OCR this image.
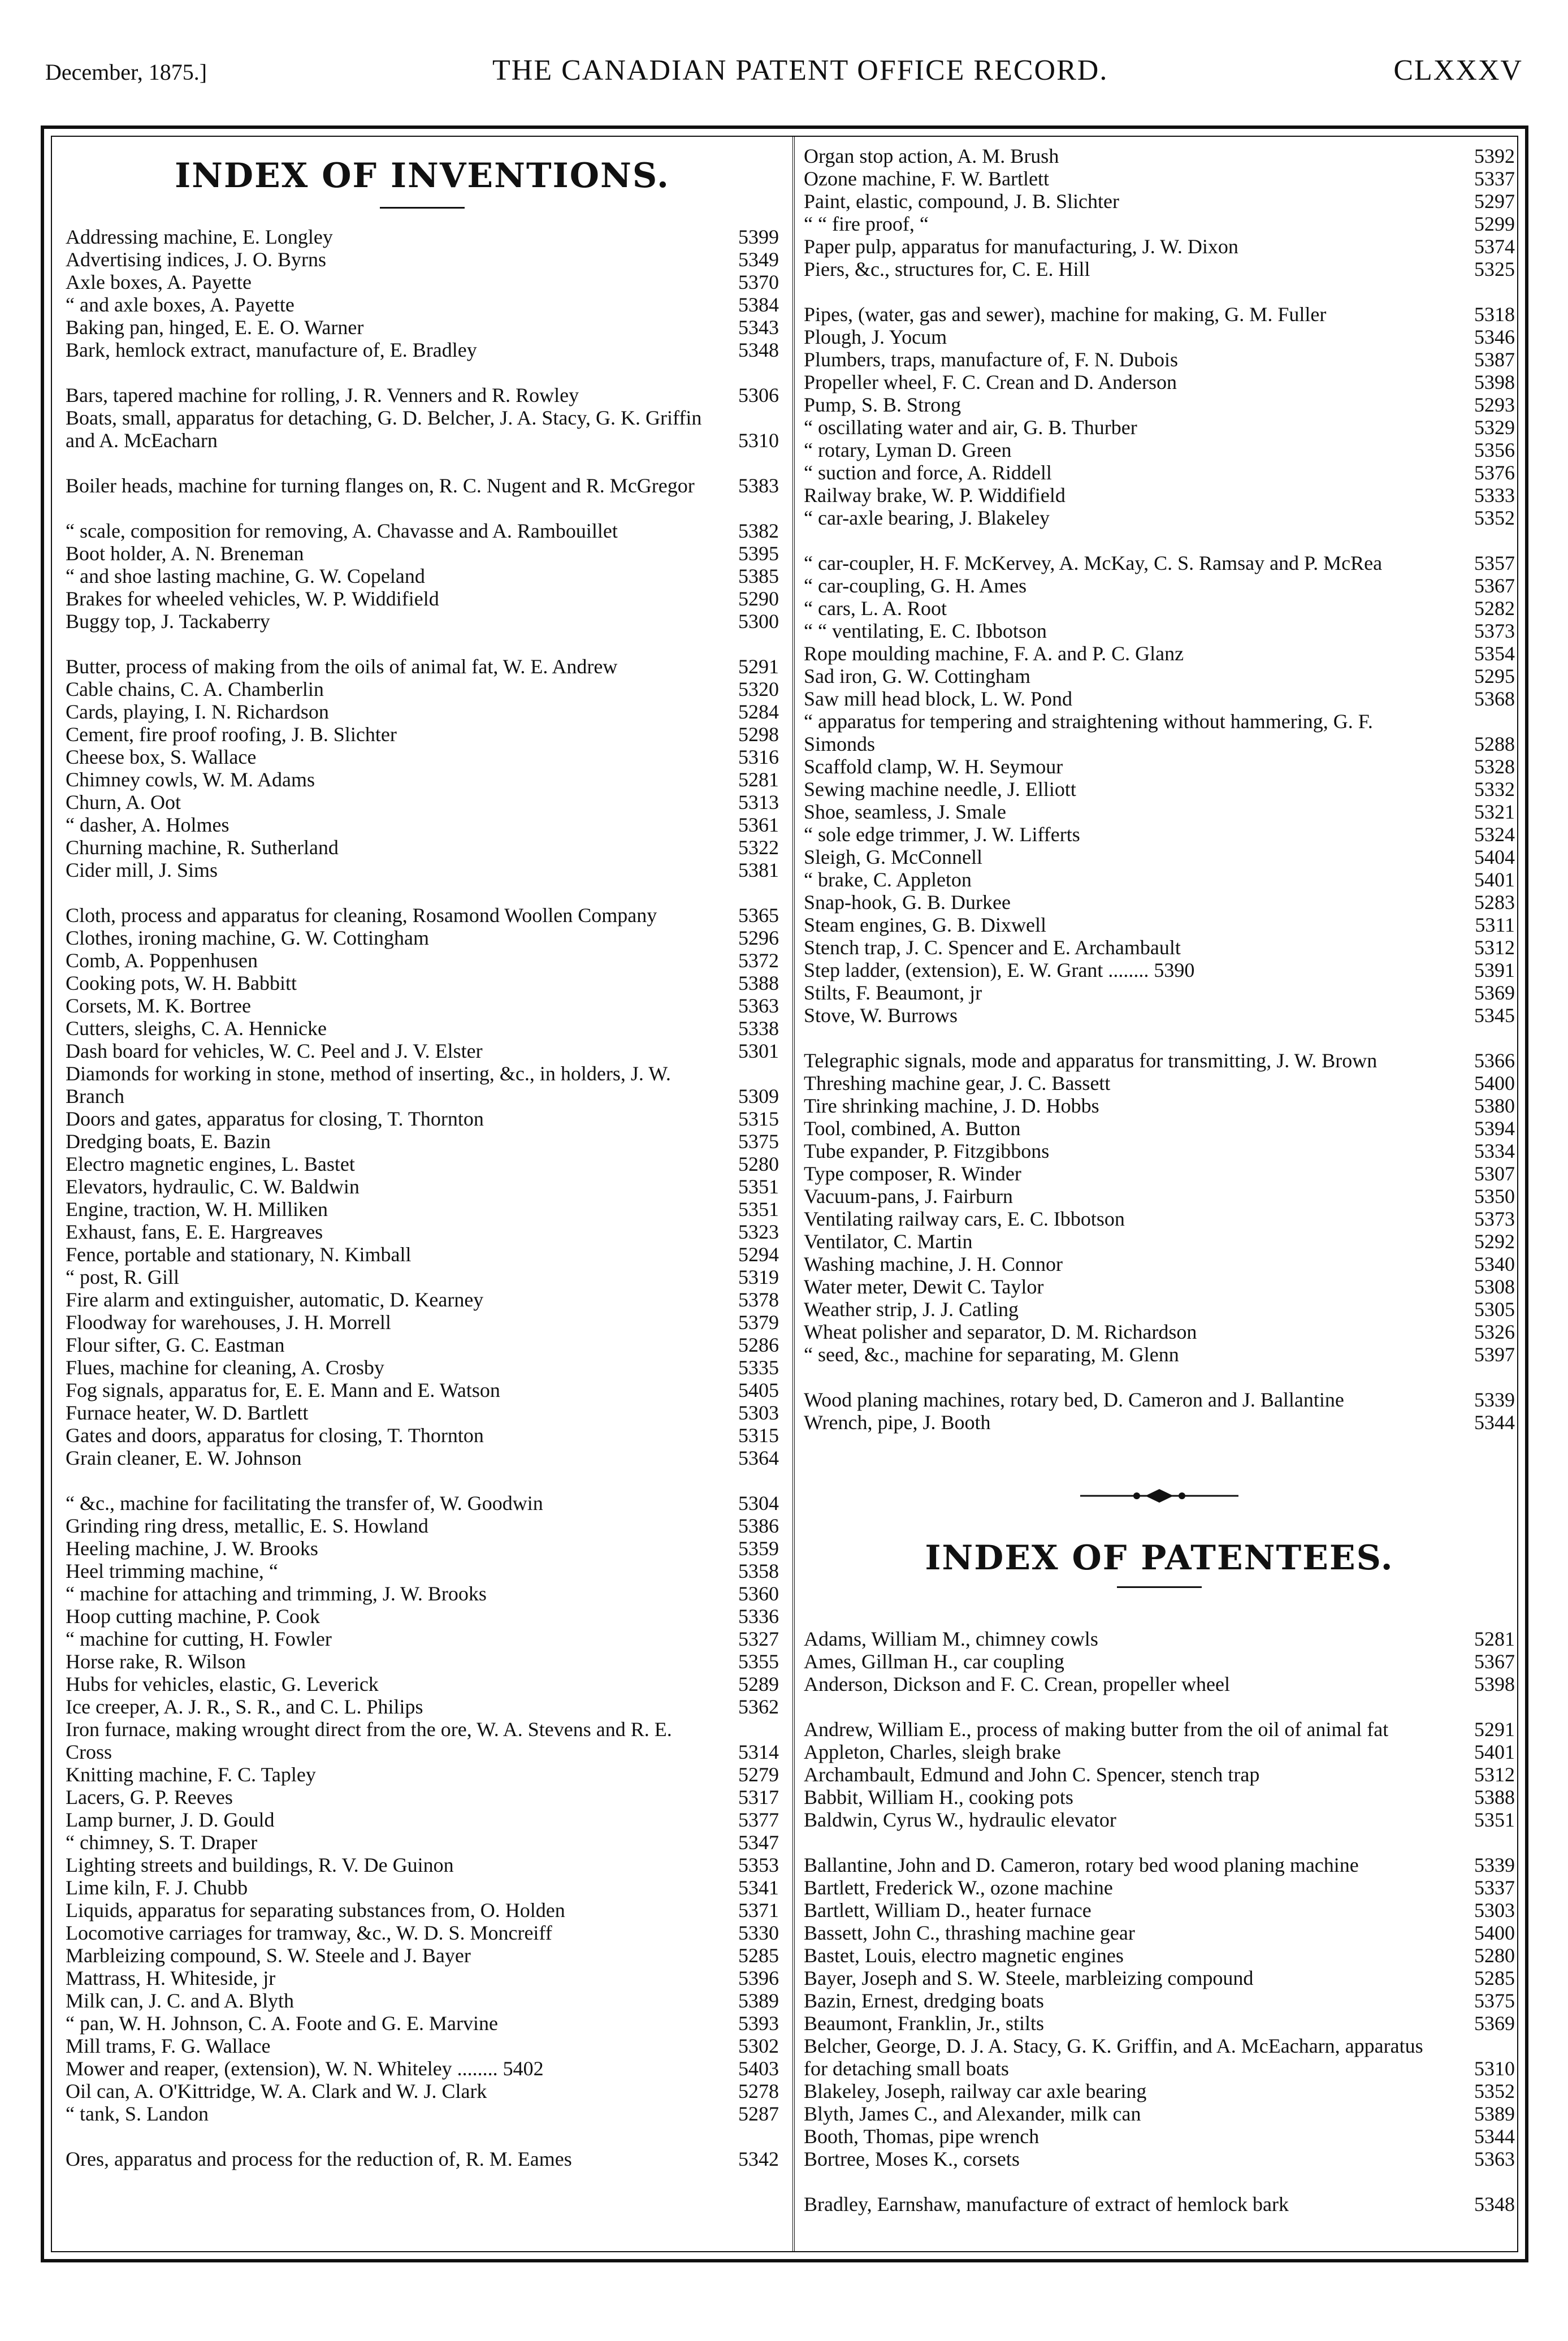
December, 1875.]	THE CANADIAN PATENT OFFICE RECORD.	CLXXXV
INDEX OF INVENTIONS.
Addressing machine, E. Longley	5399
Advertising indices, J. O. Byrns	5349
Axle boxes, A. Payette	5370
“ and axle boxes, A. Payette	5384
Baking pan, hinged, E. E. O. Warner	5343
Bark, hemlock extract, manufacture of, E. Bradley	5348
Bars, tapered machine for rolling, J. R. Venners and R. Rowley	5306
Boats, small, apparatus for detaching, G. D. Belcher, J. A. Stacy, G. K. Griffin and A. McEacharn	5310
Boiler heads, machine for turning flanges on, R. C. Nugent and R. McGregor	5383
“ scale, composition for removing, A. Chavasse and A. Rambouillet	5382
Boot holder, A. N. Breneman	5395
“ and shoe lasting machine, G. W. Copeland	5385
Brakes for wheeled vehicles, W. P. Widdifield	5290
Buggy top, J. Tackaberry	5300
Butter, process of making from the oils of animal fat, W. E. Andrew	5291
Cable chains, C. A. Chamberlin	5320
Cards, playing, I. N. Richardson	5284
Cement, fire proof roofing, J. B. Slichter	5298
Cheese box, S. Wallace	5316
Chimney cowls, W. M. Adams	5281
Churn, A. Oot	5313
“ dasher, A. Holmes	5361
Churning machine, R. Sutherland	5322
Cider mill, J. Sims	5381
Cloth, process and apparatus for cleaning, Rosamond Woollen Company	5365
Clothes, ironing machine, G. W. Cottingham	5296
Comb, A. Poppenhusen	5372
Cooking pots, W. H. Babbitt	5388
Corsets, M. K. Bortree	5363
Cutters, sleighs, C. A. Hennicke	5338
Dash board for vehicles, W. C. Peel and J. V. Elster	5301
Diamonds for working in stone, method of inserting, &c., in holders, J. W. Branch	5309
Doors and gates, apparatus for closing, T. Thornton	5315
Dredging boats, E. Bazin	5375
Electro magnetic engines, L. Bastet	5280
Elevators, hydraulic, C. W. Baldwin	5351
Engine, traction, W. H. Milliken	5351
Exhaust, fans, E. E. Hargreaves	5323
Fence, portable and stationary, N. Kimball	5294
“ post, R. Gill	5319
Fire alarm and extinguisher, automatic, D. Kearney	5378
Floodway for warehouses, J. H. Morrell	5379
Flour sifter, G. C. Eastman	5286
Flues, machine for cleaning, A. Crosby	5335
Fog signals, apparatus for, E. E. Mann and E. Watson	5405
Furnace heater, W. D. Bartlett	5303
Gates and doors, apparatus for closing, T. Thornton	5315
Grain cleaner, E. W. Johnson	5364
“ &c., machine for facilitating the transfer of, W. Goodwin	5304
Grinding ring dress, metallic, E. S. Howland	5386
Heeling machine, J. W. Brooks	5359
Heel trimming machine, “	5358
“ machine for attaching and trimming, J. W. Brooks	5360
Hoop cutting machine, P. Cook	5336
“ machine for cutting, H. Fowler	5327
Horse rake, R. Wilson	5355
Hubs for vehicles, elastic, G. Leverick	5289
Ice creeper, A. J. R., S. R., and C. L. Philips	5362
Iron furnace, making wrought direct from the ore, W. A. Stevens and R. E. Cross	5314
Knitting machine, F. C. Tapley	5279
Lacers, G. P. Reeves	5317
Lamp burner, J. D. Gould	5377
“ chimney, S. T. Draper	5347
Lighting streets and buildings, R. V. De Guinon	5353
Lime kiln, F. J. Chubb	5341
Liquids, apparatus for separating substances from, O. Holden	5371
Locomotive carriages for tramway, &c., W. D. S. Moncreiff	5330
Marbleizing compound, S. W. Steele and J. Bayer	5285
Mattrass, H. Whiteside, jr	5396
Milk can, J. C. and A. Blyth	5389
“ pan, W. H. Johnson, C. A. Foote and G. E. Marvine	5393
Mill trams, F. G. Wallace	5302
Mower and reaper, (extension), W. N. Whiteley ........ 5402	5403
Oil can, A. O'Kittridge, W. A. Clark and W. J. Clark	5278
“ tank, S. Landon	5287
Ores, apparatus and process for the reduction of, R. M. Eames	5342
Organ stop action, A. M. Brush	5392
Ozone machine, F. W. Bartlett	5337
Paint, elastic, compound, J. B. Slichter	5297
“ “ fire proof, “	5299
Paper pulp, apparatus for manufacturing, J. W. Dixon	5374
Piers, &c., structures for, C. E. Hill	5325
Pipes, (water, gas and sewer), machine for making, G. M. Fuller	5318
Plough, J. Yocum	5346
Plumbers, traps, manufacture of, F. N. Dubois	5387
Propeller wheel, F. C. Crean and D. Anderson	5398
Pump, S. B. Strong	5293
“ oscillating water and air, G. B. Thurber	5329
“ rotary, Lyman D. Green	5356
“ suction and force, A. Riddell	5376
Railway brake, W. P. Widdifield	5333
“ car-axle bearing, J. Blakeley	5352
“ car-coupler, H. F. McKervey, A. McKay, C. S. Ramsay and P. McRea	5357
“ car-coupling, G. H. Ames	5367
“ cars, L. A. Root	5282
“ “ ventilating, E. C. Ibbotson	5373
Rope moulding machine, F. A. and P. C. Glanz	5354
Sad iron, G. W. Cottingham	5295
Saw mill head block, L. W. Pond	5368
“ apparatus for tempering and straightening without hammering, G. F. Simonds	5288
Scaffold clamp, W. H. Seymour	5328
Sewing machine needle, J. Elliott	5332
Shoe, seamless, J. Smale	5321
“ sole edge trimmer, J. W. Lifferts	5324
Sleigh, G. McConnell	5404
“ brake, C. Appleton	5401
Snap-hook, G. B. Durkee	5283
Steam engines, G. B. Dixwell	5311
Stench trap, J. C. Spencer and E. Archambault	5312
Step ladder, (extension), E. W. Grant ........ 5390	5391
Stilts, F. Beaumont, jr	5369
Stove, W. Burrows	5345
Telegraphic signals, mode and apparatus for transmitting, J. W. Brown	5366
Threshing machine gear, J. C. Bassett	5400
Tire shrinking machine, J. D. Hobbs	5380
Tool, combined, A. Button	5394
Tube expander, P. Fitzgibbons	5334
Type composer, R. Winder	5307
Vacuum-pans, J. Fairburn	5350
Ventilating railway cars, E. C. Ibbotson	5373
Ventilator, C. Martin	5292
Washing machine, J. H. Connor	5340
Water meter, Dewit C. Taylor	5308
Weather strip, J. J. Catling	5305
Wheat polisher and separator, D. M. Richardson	5326
“ seed, &c., machine for separating, M. Glenn	5397
Wood planing machines, rotary bed, D. Cameron and J. Ballantine	5339
Wrench, pipe, J. Booth	5344
INDEX OF PATENTEES.
Adams, William M., chimney cowls	5281
Ames, Gillman H., car coupling	5367
Anderson, Dickson and F. C. Crean, propeller wheel	5398
Andrew, William E., process of making butter from the oil of animal fat	5291
Appleton, Charles, sleigh brake	5401
Archambault, Edmund and John C. Spencer, stench trap	5312
Babbit, William H., cooking pots	5388
Baldwin, Cyrus W., hydraulic elevator	5351
Ballantine, John and D. Cameron, rotary bed wood planing machine	5339
Bartlett, Frederick W., ozone machine	5337
Bartlett, William D., heater furnace	5303
Bassett, John C., thrashing machine gear	5400
Bastet, Louis, electro magnetic engines	5280
Bayer, Joseph and S. W. Steele, marbleizing compound	5285
Bazin, Ernest, dredging boats	5375
Beaumont, Franklin, Jr., stilts	5369
Belcher, George, D. J. A. Stacy, G. K. Griffin, and A. McEacharn, apparatus for detaching small boats	5310
Blakeley, Joseph, railway car axle bearing	5352
Blyth, James C., and Alexander, milk can	5389
Booth, Thomas, pipe wrench	5344
Bortree, Moses K., corsets	5363
Bradley, Earnshaw, manufacture of extract of hemlock bark	5348
